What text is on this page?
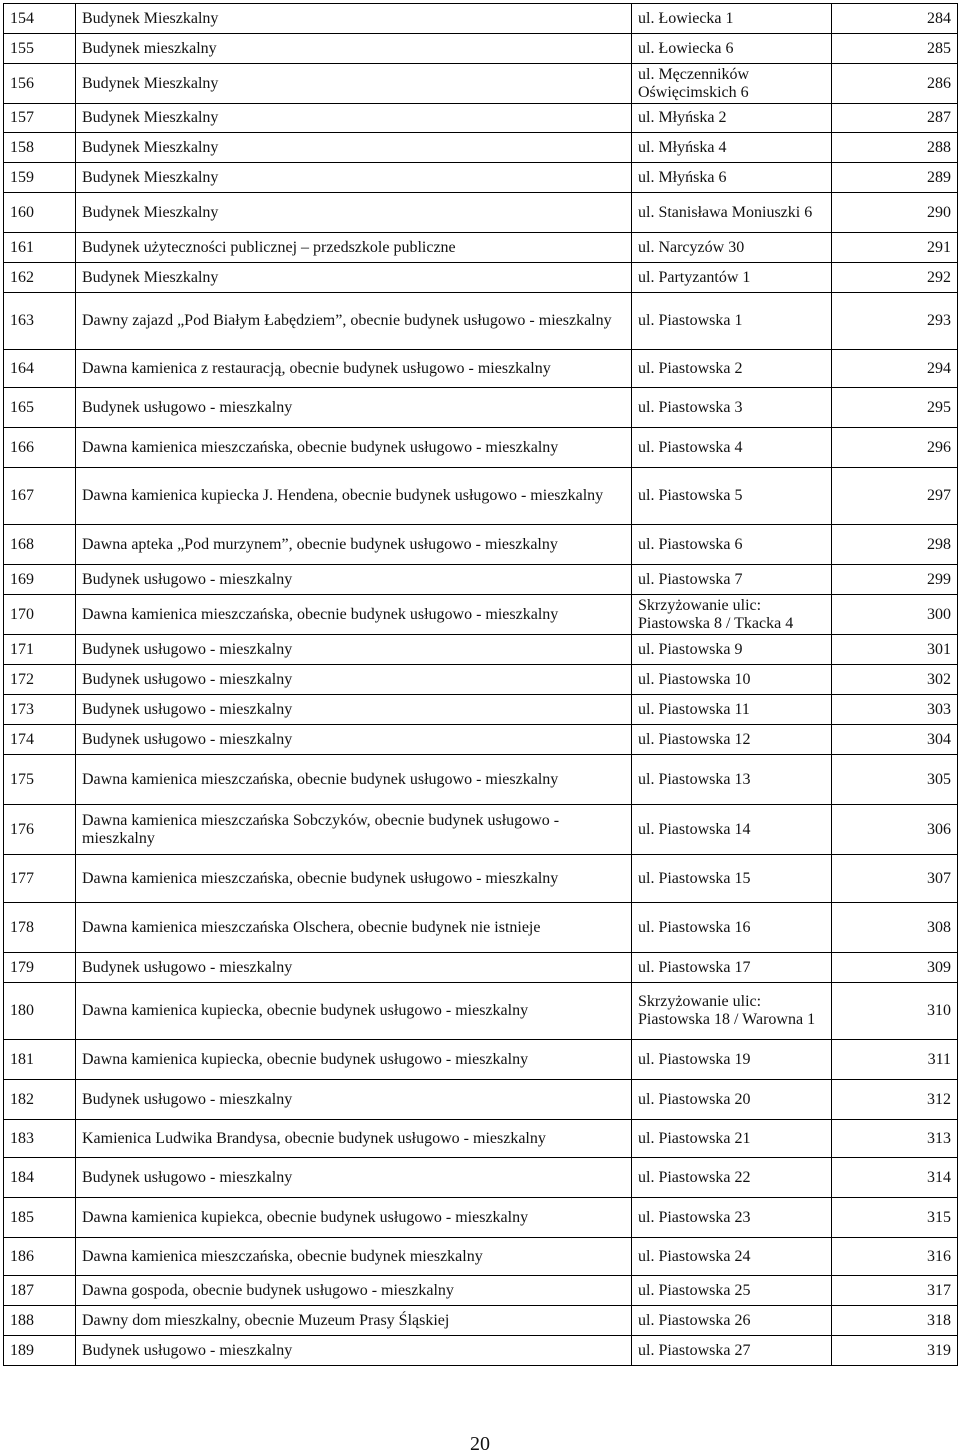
154	Budynek Mieszkalny	ul. Łowiecka 1	284
155	Budynek mieszkalny	ul. Łowiecka 6	285
156	Budynek Mieszkalny	ul. Męczenników Oświęcimskich 6	286
157	Budynek Mieszkalny	ul. Młyńska 2	287
158	Budynek Mieszkalny	ul. Młyńska 4	288
159	Budynek Mieszkalny	ul. Młyńska 6	289
160	Budynek Mieszkalny	ul. Stanisława Moniuszki 6	290
161	Budynek użyteczności publicznej ‒ przedszkole publiczne	ul. Narcyzów 30	291
162	Budynek Mieszkalny	ul. Partyzantów 1	292
163	Dawny zajazd „Pod Białym Łabędziem”, obecnie budynek usługowo - mieszkalny	ul. Piastowska 1	293
164	Dawna kamienica z restauracją, obecnie budynek usługowo - mieszkalny	ul. Piastowska 2	294
165	Budynek usługowo - mieszkalny	ul. Piastowska 3	295
166	Dawna kamienica mieszczańska, obecnie budynek usługowo - mieszkalny	ul. Piastowska 4	296
167	Dawna kamienica kupiecka J. Hendena, obecnie budynek usługowo - mieszkalny	ul. Piastowska 5	297
168	Dawna apteka „Pod murzynem”, obecnie budynek usługowo - mieszkalny	ul. Piastowska 6	298
169	Budynek usługowo - mieszkalny	ul. Piastowska 7	299
170	Dawna kamienica mieszczańska, obecnie budynek usługowo - mieszkalny	Skrzyżowanie ulic: Piastowska 8 / Tkacka 4	300
171	Budynek usługowo - mieszkalny	ul. Piastowska 9	301
172	Budynek usługowo - mieszkalny	ul. Piastowska 10	302
173	Budynek usługowo - mieszkalny	ul. Piastowska 11	303
174	Budynek usługowo - mieszkalny	ul. Piastowska 12	304
175	Dawna kamienica mieszczańska, obecnie budynek usługowo - mieszkalny	ul. Piastowska 13	305
176	Dawna kamienica mieszczańska Sobczyków, obecnie budynek usługowo - mieszkalny	ul. Piastowska 14	306
177	Dawna kamienica mieszczańska, obecnie budynek usługowo - mieszkalny	ul. Piastowska 15	307
178	Dawna kamienica mieszczańska Olschera, obecnie budynek nie istnieje	ul. Piastowska 16	308
179	Budynek usługowo - mieszkalny	ul. Piastowska 17	309
180	Dawna kamienica kupiecka, obecnie budynek usługowo - mieszkalny	Skrzyżowanie ulic: Piastowska 18 / Warowna 1	310
181	Dawna kamienica kupiecka, obecnie budynek usługowo - mieszkalny	ul. Piastowska 19	311
182	Budynek usługowo - mieszkalny	ul. Piastowska 20	312
183	Kamienica Ludwika Brandysa, obecnie budynek usługowo - mieszkalny	ul. Piastowska 21	313
184	Budynek usługowo - mieszkalny	ul. Piastowska 22	314
185	Dawna kamienica kupiekca, obecnie budynek usługowo - mieszkalny	ul. Piastowska 23	315
186	Dawna kamienica mieszczańska, obecnie budynek mieszkalny	ul. Piastowska 24	316
187	Dawna gospoda, obecnie budynek usługowo - mieszkalny	ul. Piastowska 25	317
188	Dawny dom mieszkalny, obecnie Muzeum Prasy Śląskiej	ul. Piastowska 26	318
189	Budynek usługowo - mieszkalny	ul. Piastowska 27	319
20
